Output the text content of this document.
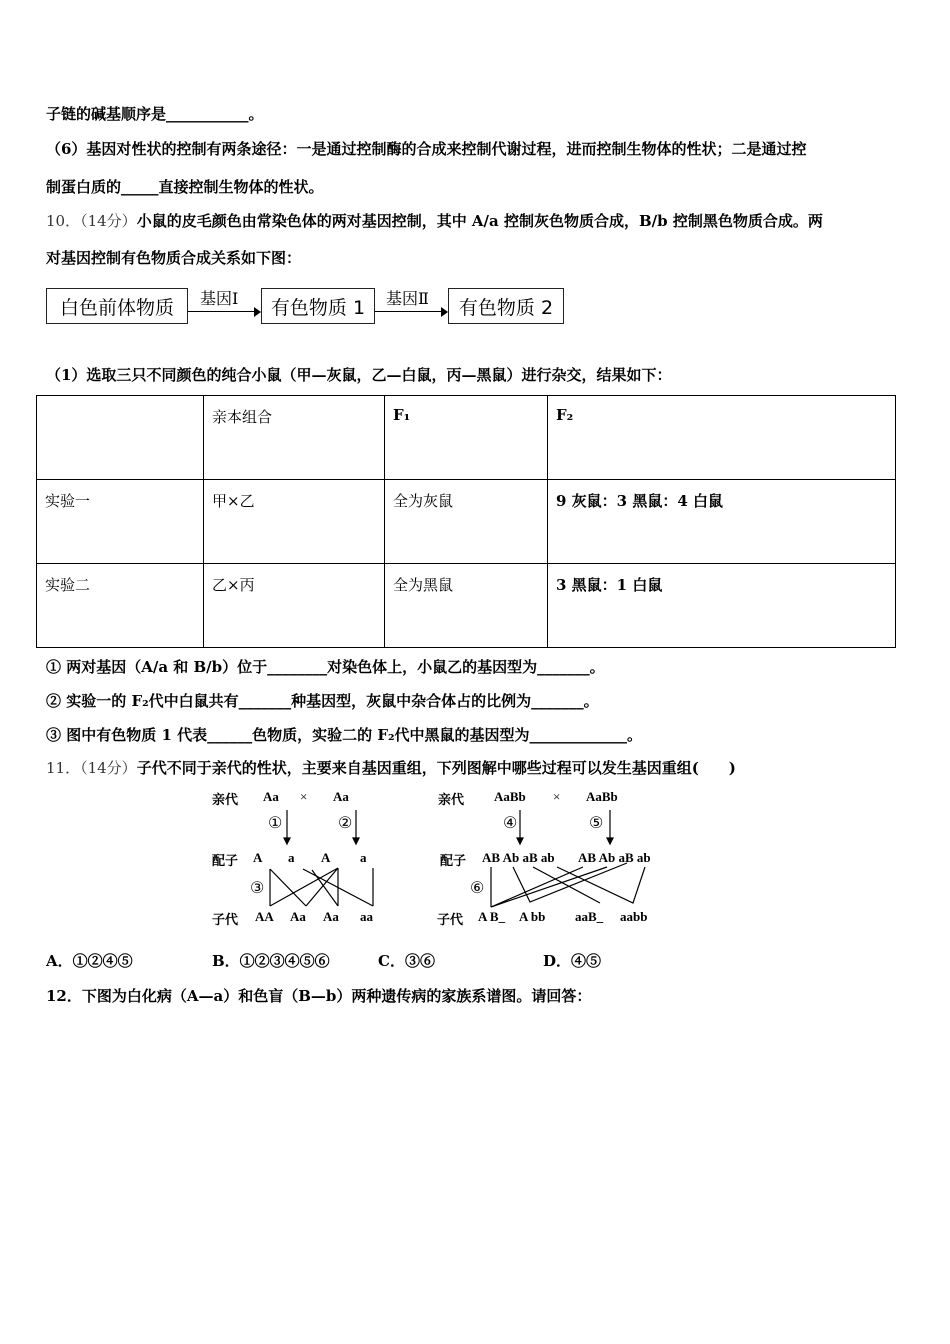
子链的碱基顺序是___________。
（6）基因对性状的控制有两条途径：一是通过控制酶的合成来控制代谢过程，进而控制生物体的性状；二是通过控
制蛋白质的_____直接控制生物体的性状。
10．（14分）小鼠的皮毛颜色由常染色体的两对基因控制，其中 A/a 控制灰色物质合成，B/b 控制黑色物质合成。两
对基因控制有色物质合成关系如下图：
白色前体物质	基因Ⅰ	有色物质 1	基因Ⅱ	有色物质 2
（1）选取三只不同颜色的纯合小鼠（甲—灰鼠，乙—白鼠，丙—黑鼠）进行杂交，结果如下：
	亲本组合	F₁	F₂
实验一	甲×乙	全为灰鼠	9 灰鼠：3 黑鼠：4 白鼠
实验二	乙×丙	全为黑鼠	3 黑鼠：1 白鼠
① 两对基因（A/a 和 B/b）位于________对染色体上，小鼠乙的基因型为_______。
② 实验一的 F₂代中白鼠共有_______种基因型，灰鼠中杂合体占的比例为_______。
③ 图中有色物质 1 代表______色物质，实验二的 F₂代中黑鼠的基因型为_____________。
11．（14分）子代不同于亲代的性状，主要来自基因重组，下列图解中哪些过程可以发生基因重组(　　)
亲代 Aa × Aa
①	②
配子 A a A a
③
子代 AA Aa Aa aa
亲代 AaBb × AaBb
④	⑤
配子 AB Ab aB ab AB Ab aB ab
⑥
子代 A B_ A bb aaB_ aabb
A．①②④⑤	B．①②③④⑤⑥	C．③⑥	D．④⑤
12．下图为白化病（A—a）和色盲（B—b）两种遗传病的家族系谱图。请回答：
